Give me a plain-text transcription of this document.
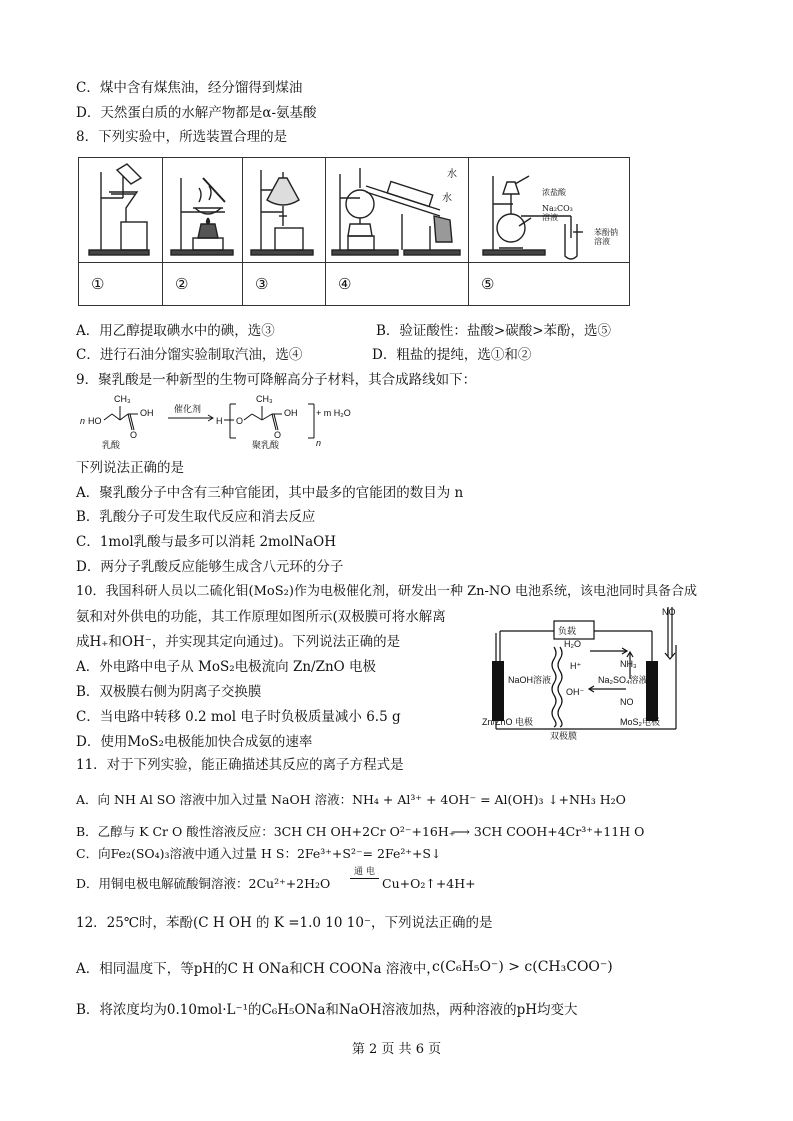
C．煤中含有煤焦油，经分馏得到煤油
D．天然蛋白质的水解产物都是α-氨基酸
8．下列实验中，所选装置合理的是

①	②	③	④	⑤
水
水
浓盐酸
Na₂CO₃
溶液
苯酚钠
溶液
A．用乙醇提取碘水中的碘，选③	B．验证酸性：盐酸>碳酸>苯酚，选⑤
C．进行石油分馏实验制取汽油，选④	D．粗盐的提纯，选①和②
9．聚乳酸是一种新型的生物可降解高分子材料，其合成路线如下：
n HO
CH₃
OH
O
催化剂
H O
CH₃
OH
O
n
+ m H₂O
乳酸	聚乳酸
下列说法正确的是
A．聚乳酸分子中含有三种官能团，其中最多的官能团的数目为 n
B．乳酸分子可发生取代反应和消去反应
C．1mol乳酸与最多可以消耗 2molNaOH
D．两分子乳酸反应能够生成含八元环的分子
10．我国科研人员以二硫化钼(MoS₂)作为电极催化剂，研发出一种 Zn-NO 电池系统，该电池同时具备合成
氨和对外供电的功能，其工作原理如图所示(双极膜可将水解离
成H₊和OH⁻，并实现其定向通过)。下列说法正确的是
A．外电路中电子从 MoS₂电极流向 Zn/ZnO 电极
B．双极膜右侧为阴离子交换膜
C．当电路中转移 0.2 mol 电子时负极质量减小 6.5 g
D．使用MoS₂电极能加快合成氨的速率
负载
NO
H₂O
H⁺
OH⁻
NH₃
NaOH溶液	Na₂SO₄溶液
NO
Zn/ZnO 电极	MoS₂电极
双极膜
11．对于下列实验，能正确描述其反应的离子方程式是
A．向 NH Al SO 溶液中加入过量 NaOH 溶液：NH₄ + Al³⁺ + 4OH⁻ = Al(OH)₃ ↓+NH₃ H₂O
B．乙醇与 K Cr O 酸性溶液反应：3CH CH OH+2Cr O²⁻+16H₊
⟶ 3CH COOH+4Cr³⁺+11H O
C．向Fe₂(SO₄)₃溶液中通入过量 H S：2Fe³⁺+S²⁻= 2Fe²⁺+S↓
D．用铜电极电解硫酸铜溶液：2Cu²⁺+2H₂O
通 电
Cu+O₂↑+4H+
12．25℃时，苯酚(C H OH 的 K =1.0 10 10⁻，下列说法正确的是
A．相同温度下，等pH的C H ONa和CH COONa 溶液中，
c(C₆H₅O⁻) > c(CH₃COO⁻)
B．将浓度均为0.10mol·L⁻¹的C₆H₅ONa和NaOH溶液加热，两种溶液的pH均变大
第 2 页 共 6 页
